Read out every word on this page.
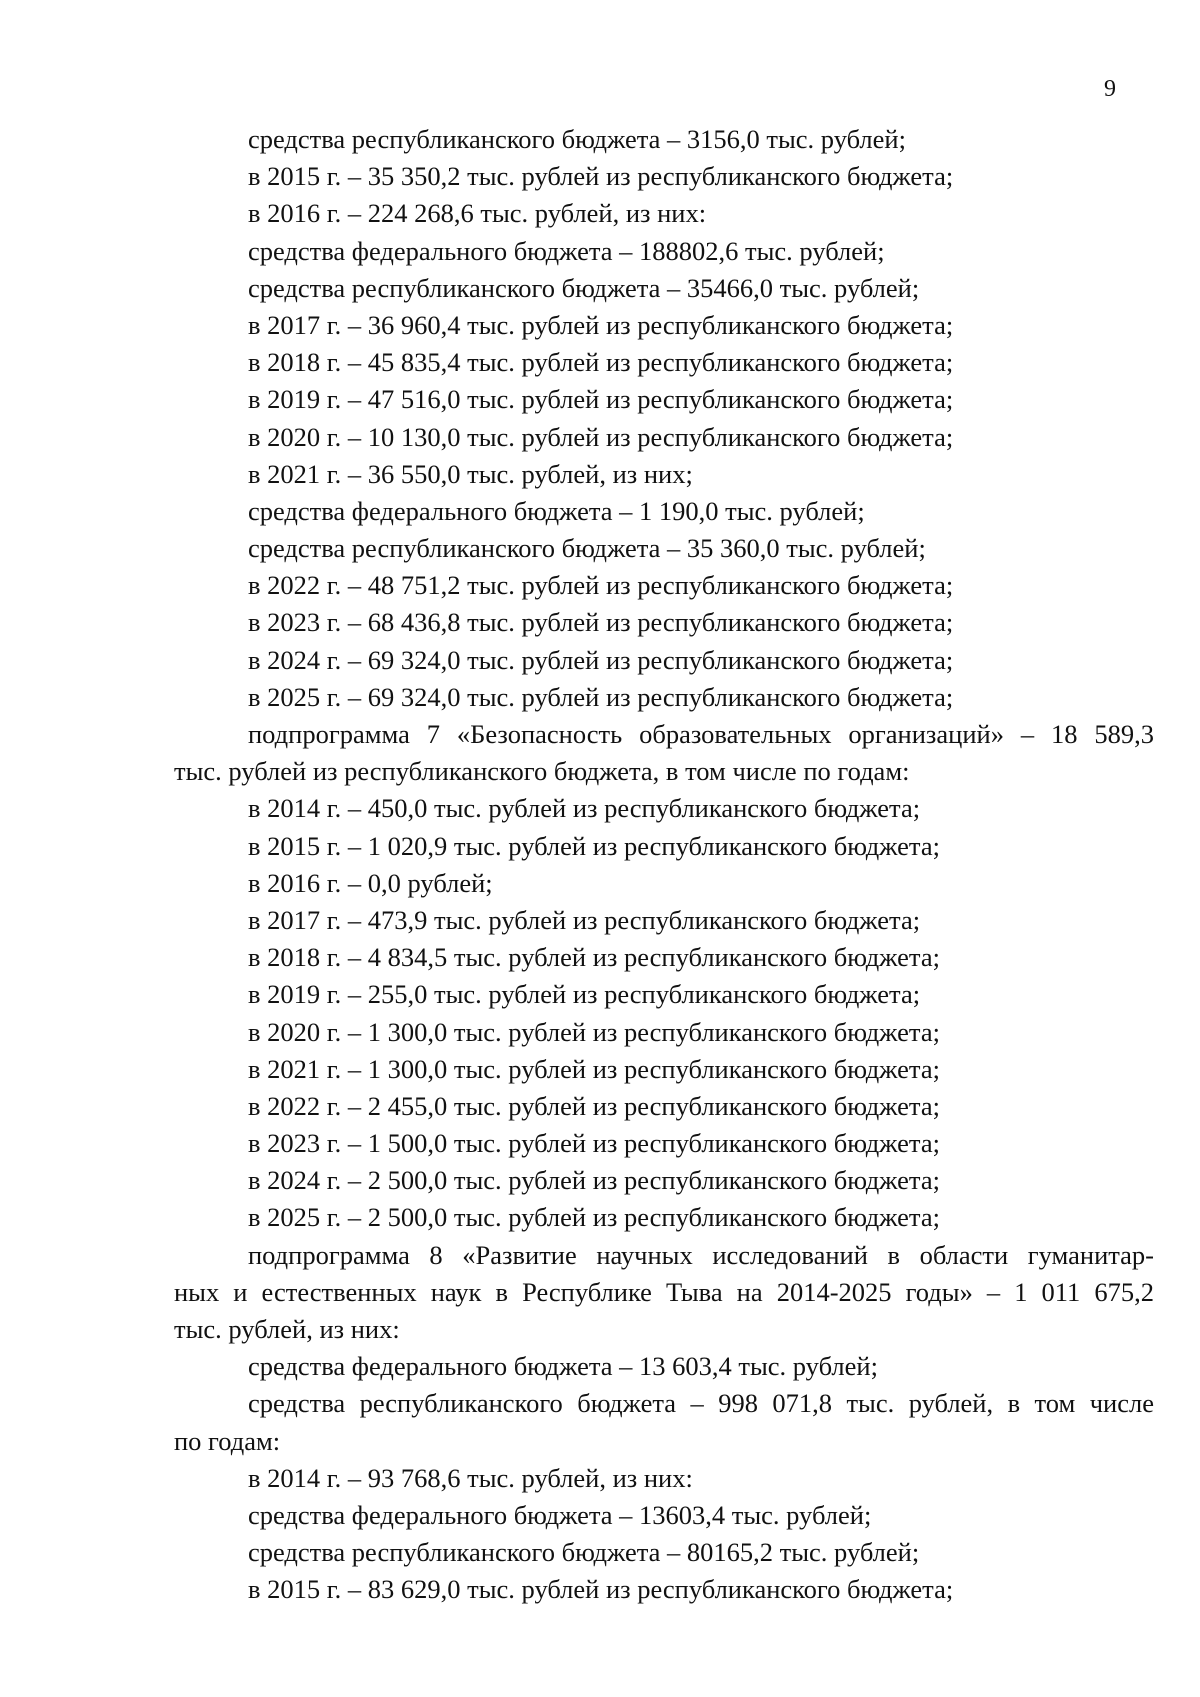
9

средства республиканского бюджета – 3156,0 тыс. рублей;

в 2015 г. – 35 350,2 тыс. рублей из республиканского бюджета;

в 2016 г. – 224 268,6 тыс. рублей, из них:

средства федерального бюджета – 188802,6 тыс. рублей;

средства республиканского бюджета – 35466,0 тыс. рублей;

в 2017 г. – 36 960,4 тыс. рублей из республиканского бюджета;

в 2018 г. – 45 835,4 тыс. рублей из республиканского бюджета;

в 2019 г. – 47 516,0 тыс. рублей из республиканского бюджета;

в 2020 г. – 10 130,0 тыс. рублей из республиканского бюджета;

в 2021 г. – 36 550,0 тыс. рублей, из них;

средства федерального бюджета – 1 190,0 тыс. рублей;

средства республиканского бюджета – 35 360,0 тыс. рублей;

в 2022 г. – 48 751,2 тыс. рублей из республиканского бюджета;

в 2023 г. – 68 436,8 тыс. рублей из республиканского бюджета;

в 2024 г. – 69 324,0 тыс. рублей из республиканского бюджета;

в 2025 г. – 69 324,0 тыс. рублей из республиканского бюджета;

подпрограмма 7 «Безопасность образовательных организаций» – 18 589,3

тыс. рублей из республиканского бюджета, в том числе по годам:

в 2014 г. – 450,0 тыс. рублей из республиканского бюджета;

в 2015 г. – 1 020,9 тыс. рублей из республиканского бюджета;

в 2016 г. – 0,0 рублей;

в 2017 г. – 473,9 тыс. рублей из республиканского бюджета;

в 2018 г. – 4 834,5 тыс. рублей из республиканского бюджета;

в 2019 г. – 255,0 тыс. рублей из республиканского бюджета;

в 2020 г. – 1 300,0 тыс. рублей из республиканского бюджета;

в 2021 г. – 1 300,0 тыс. рублей из республиканского бюджета;

в 2022 г. – 2 455,0 тыс. рублей из республиканского бюджета;

в 2023 г. – 1 500,0 тыс. рублей из республиканского бюджета;

в 2024 г. – 2 500,0 тыс. рублей из республиканского бюджета;

в 2025 г. – 2 500,0 тыс. рублей из республиканского бюджета;

подпрограмма 8 «Развитие научных исследований в области гуманитар-

ных и естественных наук в Республике Тыва на 2014-2025 годы» – 1 011 675,2

тыс. рублей, из них:

средства федерального бюджета – 13 603,4 тыс. рублей;

средства республиканского бюджета – 998 071,8 тыс. рублей, в том числе

по годам:

в 2014 г. – 93 768,6 тыс. рублей, из них:

средства федерального бюджета – 13603,4 тыс. рублей;

средства республиканского бюджета – 80165,2 тыс. рублей;

в 2015 г. – 83 629,0 тыс. рублей из республиканского бюджета;
